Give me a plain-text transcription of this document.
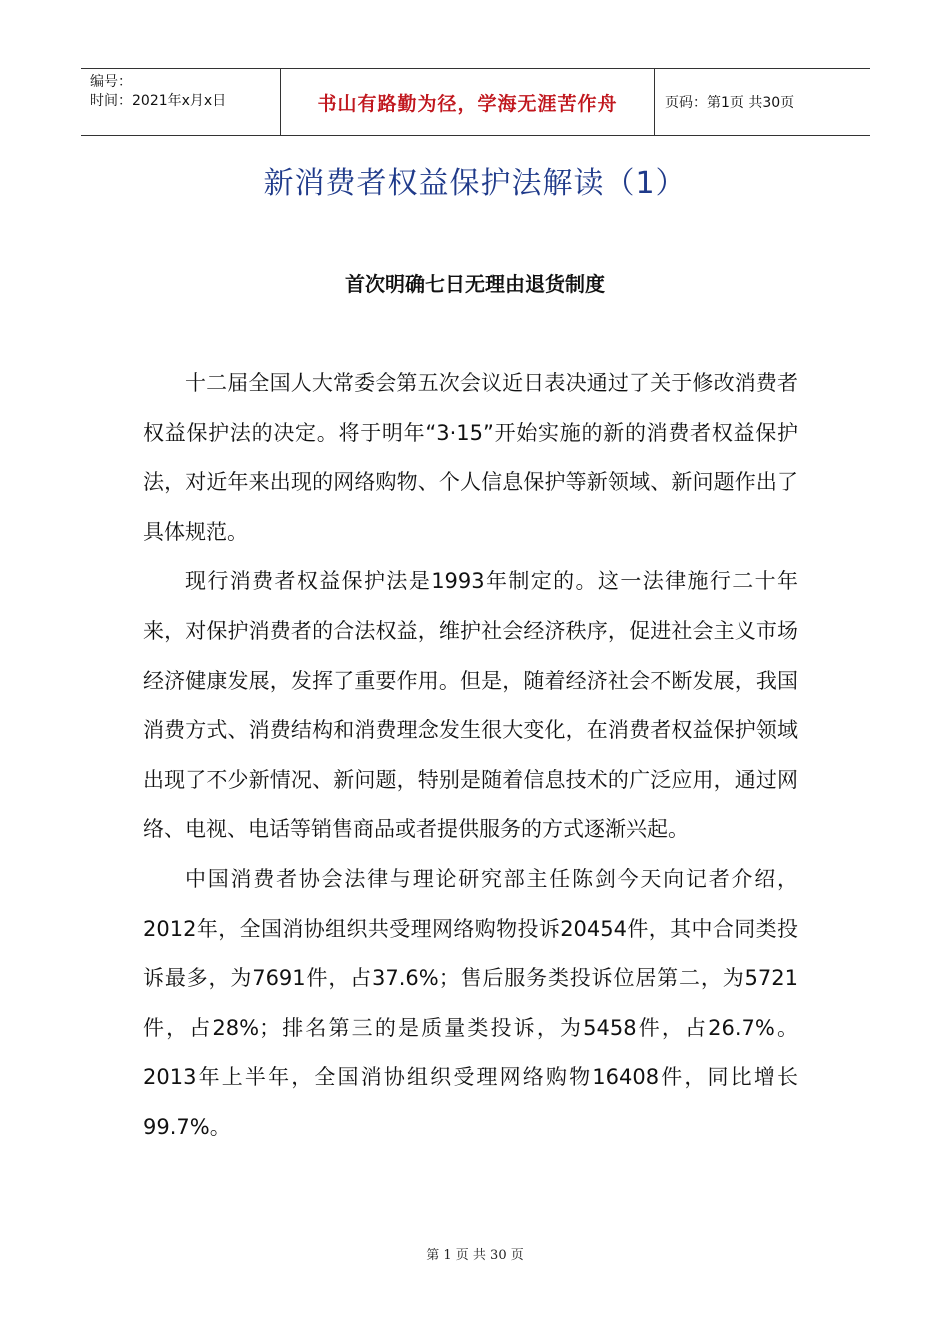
编号：
时间：2021年x月x日	书山有路勤为径，学海无涯苦作舟	页码：第1页 共30页
新消费者权益保护法解读（1）
首次明确七日无理由退货制度

十二届全国人大常委会第五次会议近日表决通过了关于修改消费者权益保护法的决定。将于明年“3·15”开始实施的新的消费者权益保护法，对近年来出现的网络购物、个人信息保护等新领域、新问题作出了具体规范。

现行消费者权益保护法是1993年制定的。这一法律施行二十年来，对保护消费者的合法权益，维护社会经济秩序，促进社会主义市场经济健康发展，发挥了重要作用。但是，随着经济社会不断发展，我国消费方式、消费结构和消费理念发生很大变化，在消费者权益保护领域出现了不少新情况、新问题，特别是随着信息技术的广泛应用，通过网络、电视、电话等销售商品或者提供服务的方式逐渐兴起。

中国消费者协会法律与理论研究部主任陈剑今天向记者介绍，2012年，全国消协组织共受理网络购物投诉20454件，其中合同类投诉最多，为7691件，占37.6%；售后服务类投诉位居第二，为5721件，占28%；排名第三的是质量类投诉，为5458件，占26.7%。2013年上半年，全国消协组织受理网络购物16408件，同比增长99.7%。

第 1 页 共 30 页
